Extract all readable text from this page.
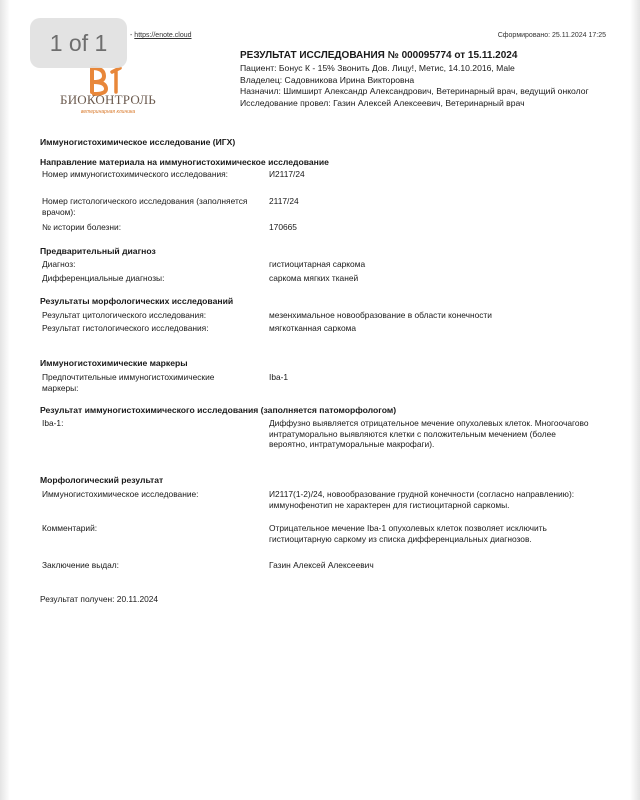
- https://enote.cloud	Сформировано: 25.11.2024 17:25
1 of 1
БИОКОНТРОЛЬ
ветеринарная клиника
РЕЗУЛЬТАТ ИССЛЕДОВАНИЯ № 000095774 от 15.11.2024
Пациент: Бонус К - 15% Звонить Дов. Лицу!, Метис, 14.10.2016, Male
Владелец: Садовникова Ирина Викторовна
Назначил: Шимширт Александр Александрович, Ветеринарный врач, ведущий онколог
Исследование провел: Газин Алексей Алексеевич, Ветеринарный врач
Иммуногистохимическое исследование (ИГХ)
Направление материала на иммуногистохимическое исследование
Номер иммуногистохимического исследования:	И2117/24
Номер гистологического исследования (заполняется врачом):
2117/24
№ истории болезни:	170665
Предварительный диагноз
Диагноз:	гистиоцитарная саркома
Дифференциальные диагнозы:	саркома мягких тканей
Результаты морфологических исследований
Результат цитологического исследования:	мезенхимальное новообразование в области конечности
Результат гистологического исследования:	мягкотканная саркома
Иммуногистохимические маркеры
Предпочтительные иммуногистохимические маркеры:
Iba-1
Результат иммуногистохимического исследования (заполняется патоморфологом)
Iba-1:	Диффузно выявляется отрицательное мечение опухолевых клеток. Многоочагово интратуморально выявляются клетки с положительным мечением (более вероятно, интратуморальные макрофаги).
Морфологический результат
Иммуногистохимическое исследование:	И2117(1-2)/24, новообразование грудной конечности (согласно направлению): иммунофенотип не характерен для гистиоцитарной саркомы.
Комментарий:	Отрицательное мечение Iba-1 опухолевых клеток позволяет исключить гистиоцитарную саркому из списка дифференциальных диагнозов.
Заключение выдал:	Газин Алексей Алексеевич
Результат получен: 20.11.2024
